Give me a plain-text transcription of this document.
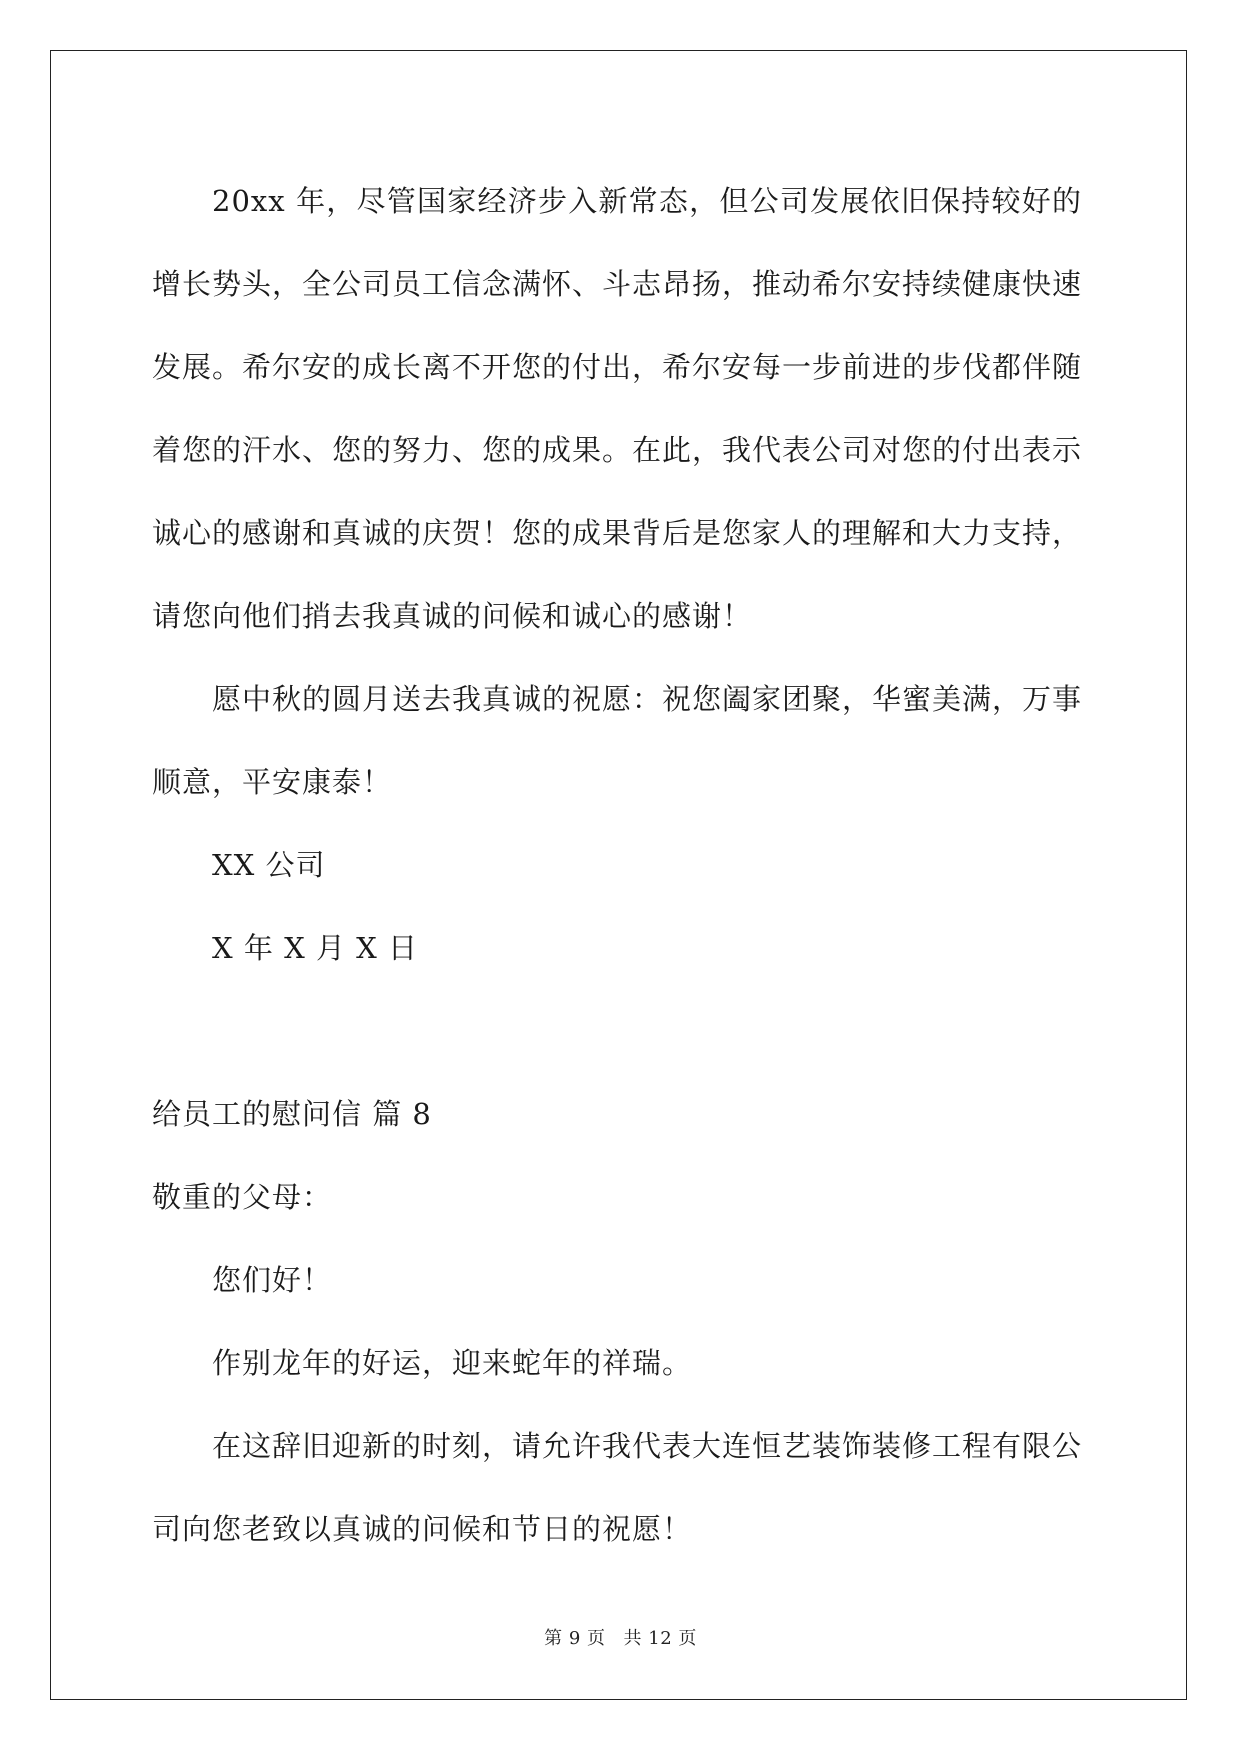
20xx 年，尽管国家经济步入新常态，但公司发展依旧保持较好的增长势头，全公司员工信念满怀、斗志昂扬，推动希尔安持续健康快速发展。希尔安的成长离不开您的付出，希尔安每一步前进的步伐都伴随着您的汗水、您的努力、您的成果。在此，我代表公司对您的付出表示诚心的感谢和真诚的庆贺！您的成果背后是您家人的理解和大力支持，请您向他们捎去我真诚的问候和诚心的感谢！

愿中秋的圆月送去我真诚的祝愿：祝您阖家团聚，华蜜美满，万事顺意，平安康泰！

XX 公司

X 年 X 月 X 日

给员工的慰问信 篇 8

敬重的父母：

您们好！

作别龙年的好运，迎来蛇年的祥瑞。

在这辞旧迎新的时刻，请允许我代表大连恒艺装饰装修工程有限公司向您老致以真诚的问候和节日的祝愿！

第 9 页 共 12 页
